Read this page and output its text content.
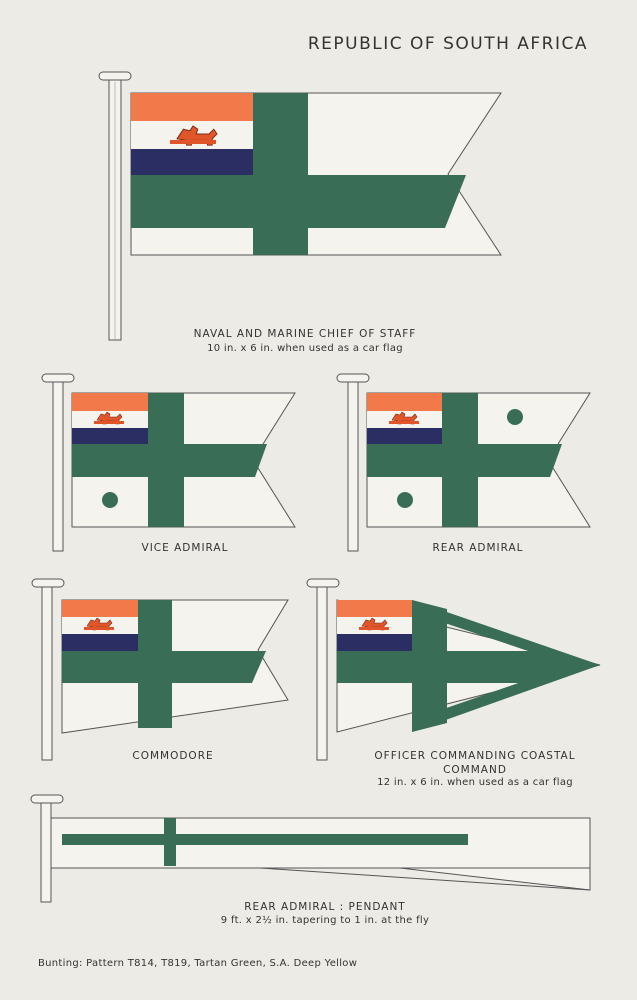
REPUBLIC OF SOUTH AFRICA
NAVAL AND MARINE CHIEF OF STAFF
10 in. x 6 in. when used as a car flag
VICE ADMIRAL	REAR ADMIRAL
COMMODORE	OFFICER COMMANDING COASTAL COMMAND
12 in. x 6 in. when used as a car flag
REAR ADMIRAL : PENDANT
9 ft. x 2½ in. tapering to 1 in. at the fly
Bunting: Pattern T814, T819, Tartan Green, S.A. Deep Yellow
